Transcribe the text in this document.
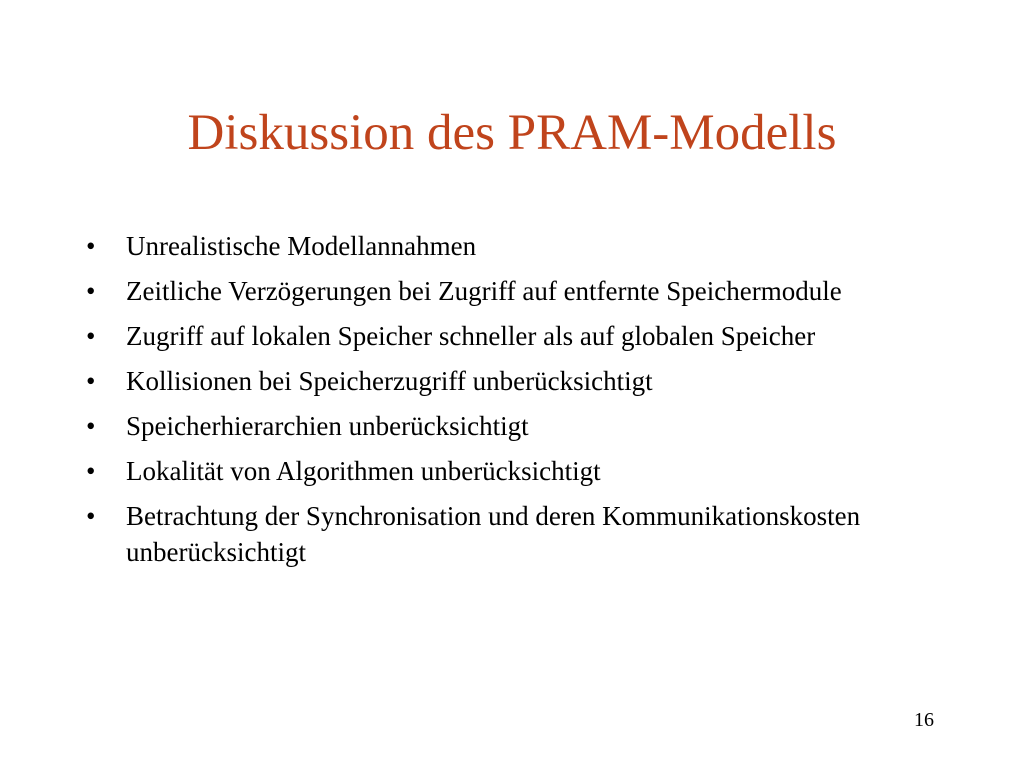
Diskussion des PRAM-Modells
• Unrealistische Modellannahmen
• Zeitliche Verzögerungen bei Zugriff auf entfernte Speichermodule
• Zugriff auf lokalen Speicher schneller als auf globalen Speicher
• Kollisionen bei Speicherzugriff unberücksichtigt
• Speicherhierarchien unberücksichtigt
• Lokalität von Algorithmen unberücksichtigt
• Betrachtung der Synchronisation und deren Kommunikationskosten unberücksichtigt
16
